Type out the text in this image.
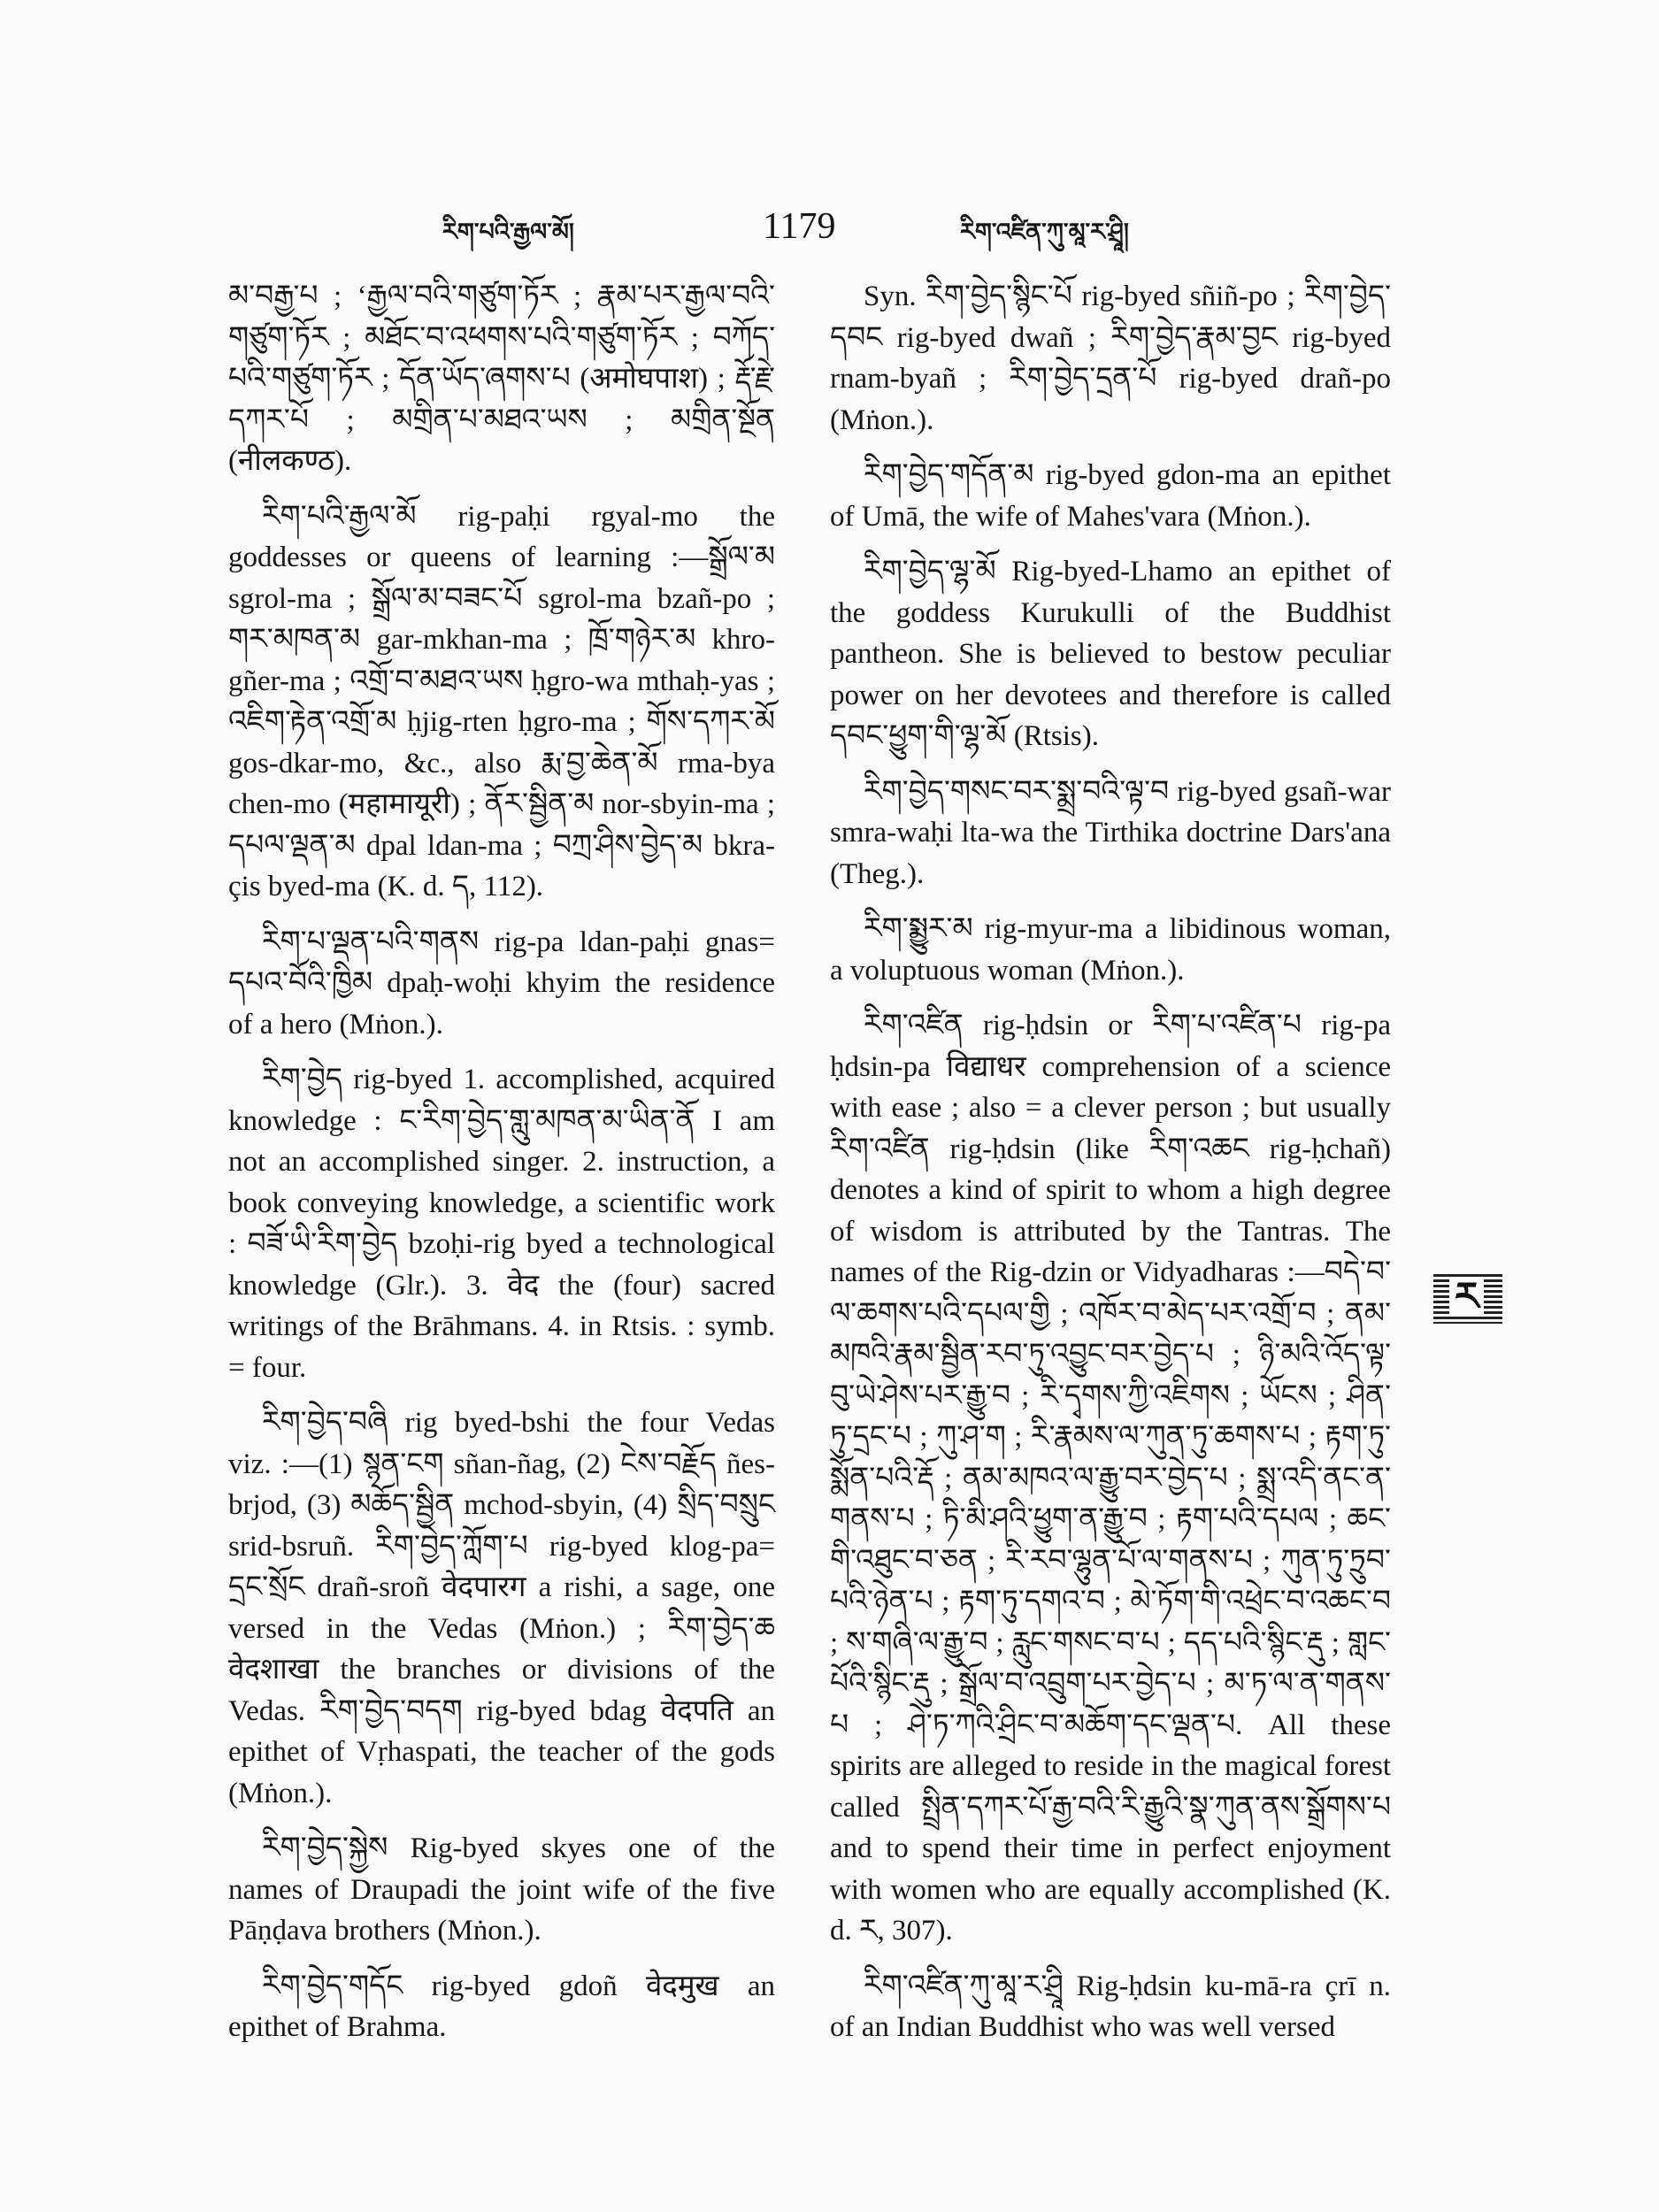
རིག་པའི་རྒྱལ་མོ།	1179	རིག་འཛིན་ཀུ་མཱ་ར་ཤྲཱི།

མ་བརྒྱ་པ ; ‘རྒྱལ་བའི་གཙུག་ཏོར ; རྣམ་པར་རྒྱལ་བའི་གཙུག་ཏོར ; མཐོང་བ་འཕགས་པའི་གཙུག་ཏོར ; བཀོད་པའི་གཙུག་ཏོར ; དོན་ཡོད་ཞགས་པ (अमोघपाश) ; རྡོ་རྗེ་དཀར་པོ ; མགྲིན་པ་མཐའ་ཡས ; མགྲིན་སྔོན (नीलकण्ठ).

རིག་པའི་རྒྱལ་མོ rig-paḥi rgyal-mo the goddesses or queens of learning :—སྒྲོལ་མ sgrol-ma ; སྒྲོལ་མ་བཟང་པོ sgrol-ma bzañ-po ; གར་མཁན་མ gar-mkhan-ma ; ཁྲོ་གཉེར་མ khro-gñer-ma ; འགྲོ་བ་མཐའ་ཡས ḥgro-wa mthaḥ-yas ; འཇིག་རྟེན་འགྲོ་མ ḥjig-rten ḥgro-ma ; གོས་དཀར་མོ gos-dkar-mo, &c., also རྨ་བྱ་ཆེན་མོ rma-bya chen-mo (महामायूरी) ; ནོར་སྦྱིན་མ nor-sbyin-ma ; དཔལ་ལྡན་མ dpal ldan-ma ; བཀྲ་ཤིས་བྱེད་མ bkra-çis byed-ma (K. d. ད, 112).

རིག་པ་ལྡན་པའི་གནས rig-pa ldan-paḥi gnas= དཔའ་བོའི་ཁྱིམ dpaḥ-woḥi khyim the residence of a hero (Mṅon.).

རིག་བྱེད rig-byed 1. accomplished, acquired knowledge : ང་རིག་བྱེད་གླུ་མཁན་མ་ཡིན་ནོ I am not an accomplished singer. 2. instruction, a book conveying knowledge, a scientific work : བཟོ་ཡི་རིག་བྱེད bzoḥi-rig byed a technological knowledge (Glr.). 3. वेद the (four) sacred writings of the Brāhmans. 4. in Rtsis. : symb. = four.

རིག་བྱེད་བཞི rig byed-bshi the four Vedas viz. :—(1) སྙན་ངག sñan-ñag, (2) ངེས་བརྗོད ñes-brjod, (3) མཆོད་སྦྱིན mchod-sbyin, (4) སྲིད་བསྲུང srid-bsruñ. རིག་བྱེད་ཀློག་པ rig-byed klog-pa= དྲང་སྲོང drañ-sroñ वेदपारग a rishi, a sage, one versed in the Vedas (Mṅon.) ; རིག་བྱེད་ཆ वेदशाखा the branches or divisions of the Vedas. རིག་བྱེད་བདག rig-byed bdag वेदपति an epithet of Vṛhaspati, the teacher of the gods (Mṅon.).

རིག་བྱེད་སྐྱེས Rig-byed skyes one of the names of Draupadi the joint wife of the five Pāṇḍava brothers (Mṅon.).

རིག་བྱེད་གདོང rig-byed gdoñ वेदमुख an epithet of Brahma.

Syn. རིག་བྱེད་སྙིང་པོ rig-byed sñiñ-po ; རིག་བྱེད་དབང rig-byed dwañ ; རིག་བྱེད་རྣམ་བྱང rig-byed rnam-byañ ; རིག་བྱེད་དྲན་པོ rig-byed drañ-po (Mṅon.).

རིག་བྱེད་གདོན་མ rig-byed gdon-ma an epithet of Umā, the wife of Mahes'vara (Mṅon.).

རིག་བྱེད་ལྷ་མོ Rig-byed-Lhamo an epithet of the goddess Kurukulli of the Buddhist pantheon. She is believed to bestow peculiar power on her devotees and therefore is called དབང་ཕྱུག་གི་ལྷ་མོ (Rtsis).

རིག་བྱེད་གསང་བར་སྨྲ་བའི་ལྟ་བ rig-byed gsañ-war smra-waḥi lta-wa the Tirthika doctrine Dars'ana (Theg.).

རིག་སྨྱུར་མ rig-myur-ma a libidinous woman, a voluptuous woman (Mṅon.).

རིག་འཛིན rig-ḥdsin or རིག་པ་འཛིན་པ rig-pa ḥdsin-pa विद्याधर comprehension of a science with ease ; also = a clever person ; but usually རིག་འཛིན rig-ḥdsin (like རིག་འཆང rig-ḥchañ) denotes a kind of spirit to whom a high degree of wisdom is attributed by the Tantras. The names of the Rig-dzin or Vidyadharas :—བདེ་བ་ལ་ཆགས་པའི་དཔལ་གྱི ; འཁོར་བ་མེད་པར་འགྲོ་བ ; ནམ་མཁའི་རྣམ་སྦྱིན་རབ་ཏུ་འབྱུང་བར་བྱེད་པ ; ཉི་མའི་འོད་ལྟ་བུ་ཡེ་ཤེས་པར་རྒྱུ་བ ; རི་དྭགས་ཀྱི་འཇིགས ; ཡོངས ; ཤིན་ཏུ་དྲང་པ ; ཀུ་ཤ་ག ; རི་རྣམས་ལ་ཀུན་ཏུ་ཆགས་པ ; རྟག་ཏུ་སྨོན་པའི་རྡོ ; ནམ་མཁའ་ལ་རྒྱུ་བར་བྱེད་པ ; སྨྲ་འདི་ནང་ན་གནས་པ ; ཏི་མི་ཤའི་ཕྱུག་ན་རྒྱུ་བ ; རྟག་པའི་དཔལ ; ཆང་གི་འཐུང་བ་ཅན ; རི་རབ་ལྷུན་པོ་ལ་གནས་པ ; ཀུན་ཏུ་ཏྲུབ་པའི་ཉེན་པ ; རྟག་ཏུ་དགའ་བ ; མེ་ཏོག་གི་འཕྲེང་བ་འཆང་བ ; ས་གཞི་ལ་རྒྱུ་བ ; རླུང་གསང་བ་པ ; དད་པའི་སྙིང་རྡུ ; གླང་པོའི་སྙིང་རྡུ ; སྒྲོལ་བ་འབྲུག་པར་བྱེད་པ ; མ་ཏ་ལ་ན་གནས་པ ; ཤེ་ཏ་ཀའི་ཤྲིང་བ་མཆོག་དང་ལྡན་པ. All these spirits are alleged to reside in the magical forest called སྤྲིན་དཀར་པོ་རྒྱ་བའི་རི་རྒྱུའི་སྣ་ཀུན་ནས་སྒྲོགས་པ and to spend their time in perfect enjoyment with women who are equally accomplished (K. d. ར, 307).

རིག་འཛིན་ཀུ་མཱ་ར་ཤྲཱི Rig-ḥdsin ku-mā-ra çrī n. of an Indian Buddhist who was well versed

ར
